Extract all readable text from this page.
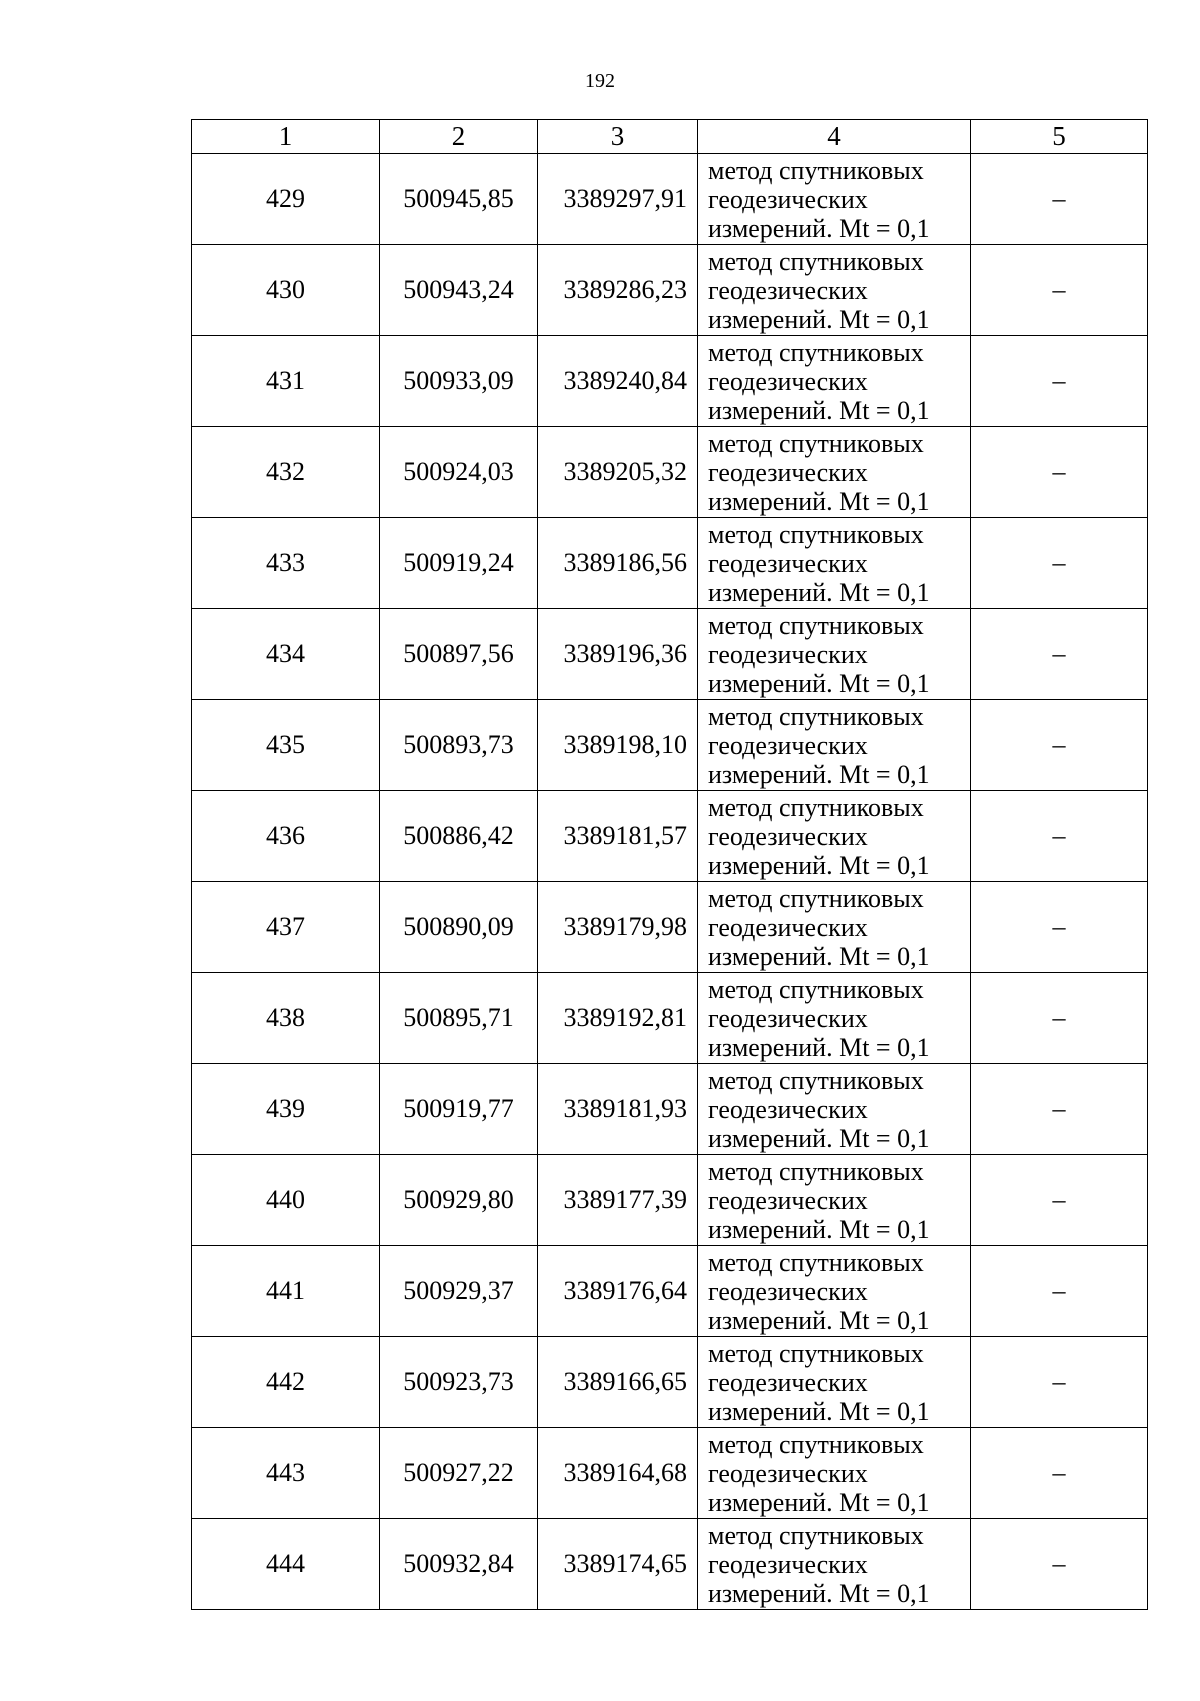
192
1	2	3	4	5
429	500945,85	3389297,91	метод спутниковых
геодезических
измерений. Mt = 0,1	–
430	500943,24	3389286,23	метод спутниковых
геодезических
измерений. Mt = 0,1	–
431	500933,09	3389240,84	метод спутниковых
геодезических
измерений. Mt = 0,1	–
432	500924,03	3389205,32	метод спутниковых
геодезических
измерений. Mt = 0,1	–
433	500919,24	3389186,56	метод спутниковых
геодезических
измерений. Mt = 0,1	–
434	500897,56	3389196,36	метод спутниковых
геодезических
измерений. Mt = 0,1	–
435	500893,73	3389198,10	метод спутниковых
геодезических
измерений. Mt = 0,1	–
436	500886,42	3389181,57	метод спутниковых
геодезических
измерений. Mt = 0,1	–
437	500890,09	3389179,98	метод спутниковых
геодезических
измерений. Mt = 0,1	–
438	500895,71	3389192,81	метод спутниковых
геодезических
измерений. Mt = 0,1	–
439	500919,77	3389181,93	метод спутниковых
геодезических
измерений. Mt = 0,1	–
440	500929,80	3389177,39	метод спутниковых
геодезических
измерений. Mt = 0,1	–
441	500929,37	3389176,64	метод спутниковых
геодезических
измерений. Mt = 0,1	–
442	500923,73	3389166,65	метод спутниковых
геодезических
измерений. Mt = 0,1	–
443	500927,22	3389164,68	метод спутниковых
геодезических
измерений. Mt = 0,1	–
444	500932,84	3389174,65	метод спутниковых
геодезических
измерений. Mt = 0,1	–
